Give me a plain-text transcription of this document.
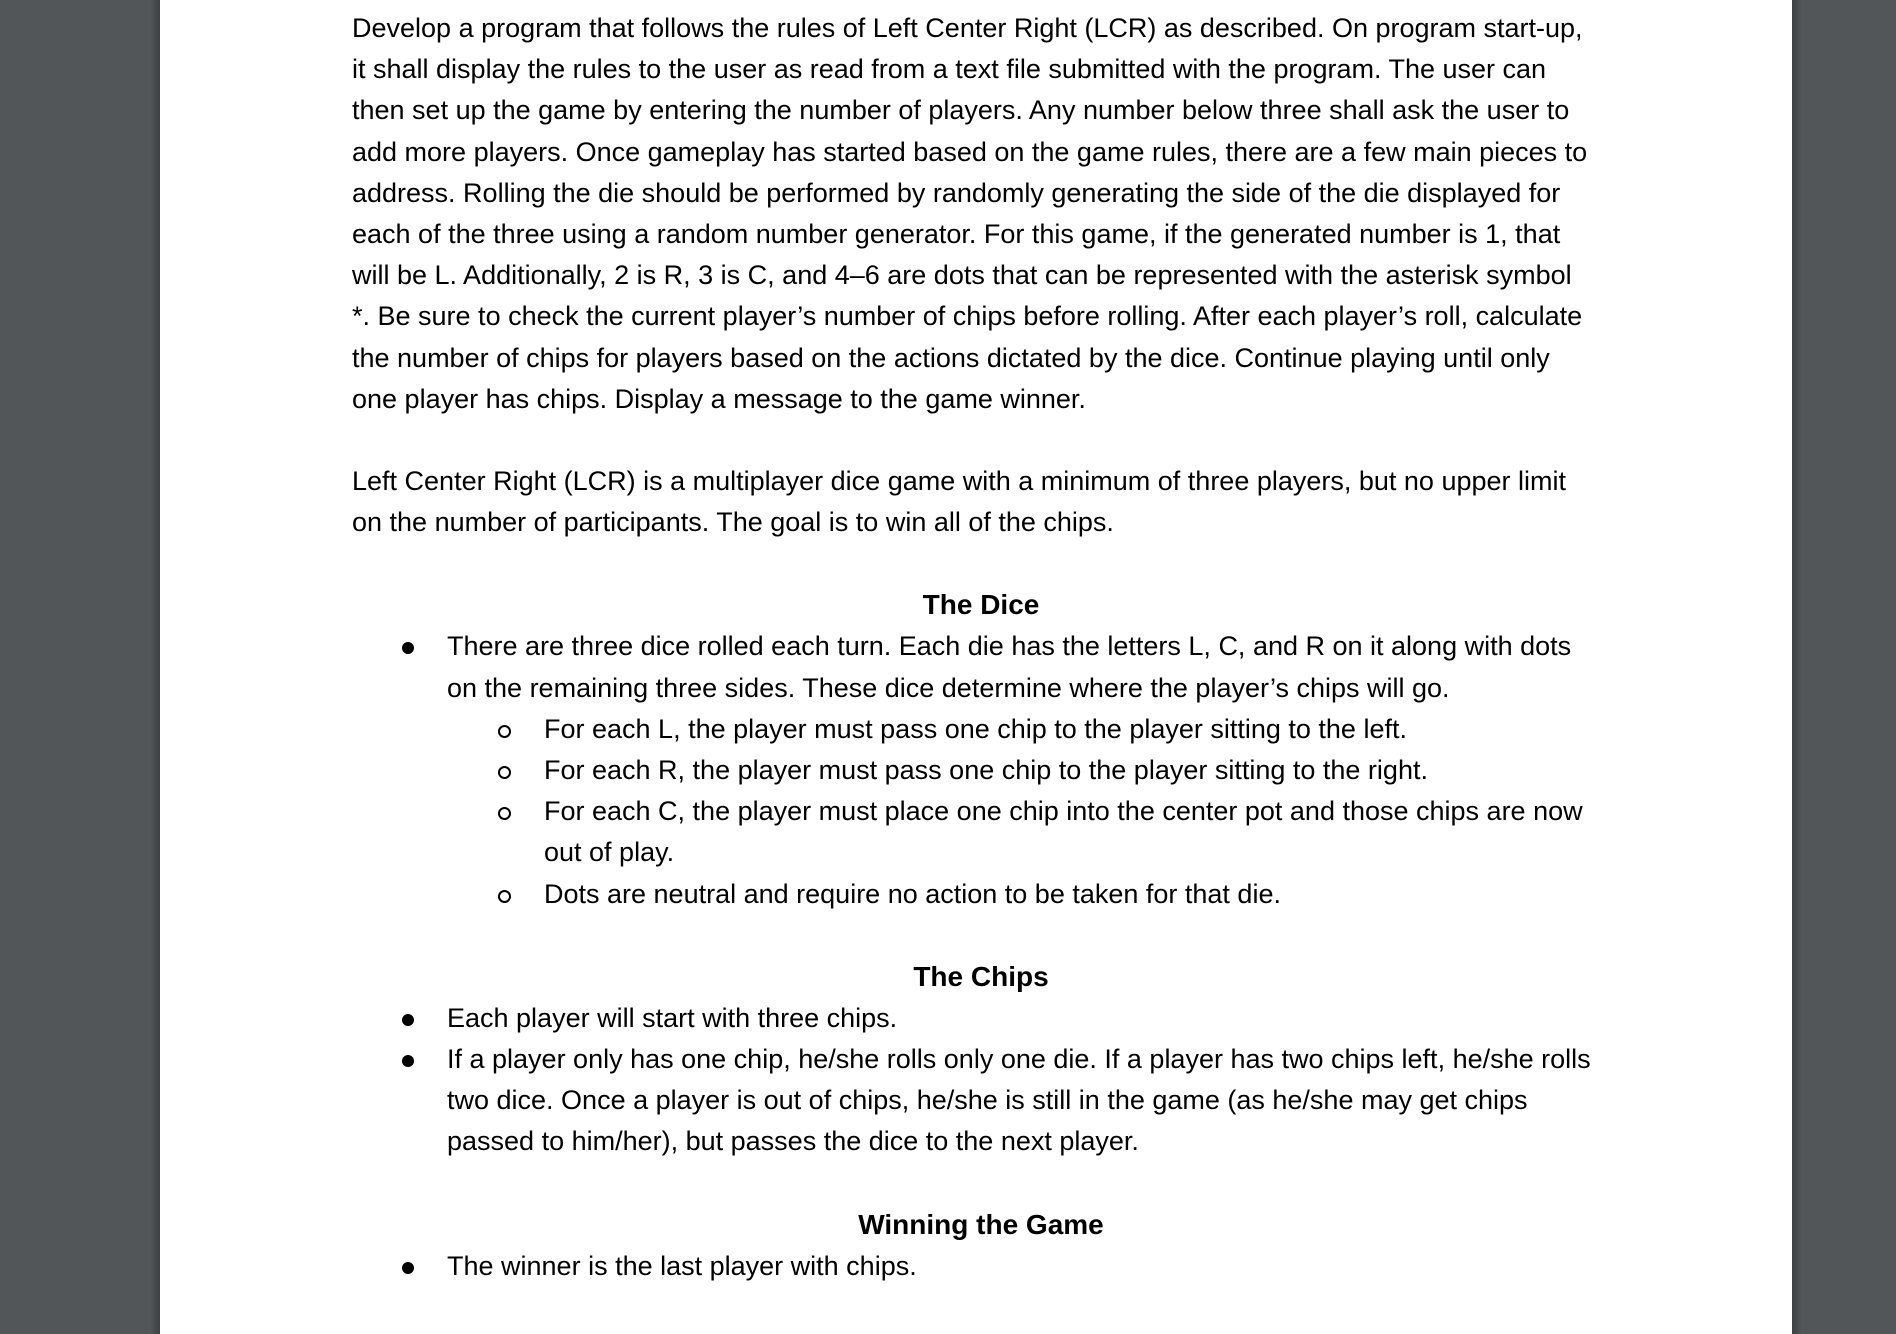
Develop a program that follows the rules of Left Center Right (LCR) as described. On program start-up, it shall display the rules to the user as read from a text file submitted with the program. The user can then set up the game by entering the number of players. Any number below three shall ask the user to add more players. Once gameplay has started based on the game rules, there are a few main pieces to address. Rolling the die should be performed by randomly generating the side of the die displayed for each of the three using a random number generator. For this game, if the generated number is 1, that will be L. Additionally, 2 is R, 3 is C, and 4–6 are dots that can be represented with the asterisk symbol *. Be sure to check the current player’s number of chips before rolling. After each player’s roll, calculate the number of chips for players based on the actions dictated by the dice. Continue playing until only one player has chips. Display a message to the game winner.

Left Center Right (LCR) is a multiplayer dice game with a minimum of three players, but no upper limit on the number of participants. The goal is to win all of the chips.

The Dice

There are three dice rolled each turn. Each die has the letters L, C, and R on it along with dots on the remaining three sides. These dice determine where the player’s chips will go.
For each L, the player must pass one chip to the player sitting to the left.
For each R, the player must pass one chip to the player sitting to the right.
For each C, the player must place one chip into the center pot and those chips are now out of play.
Dots are neutral and require no action to be taken for that die.

The Chips

Each player will start with three chips.
If a player only has one chip, he/she rolls only one die. If a player has two chips left, he/she rolls two dice. Once a player is out of chips, he/she is still in the game (as he/she may get chips passed to him/her), but passes the dice to the next player.

Winning the Game

The winner is the last player with chips.
